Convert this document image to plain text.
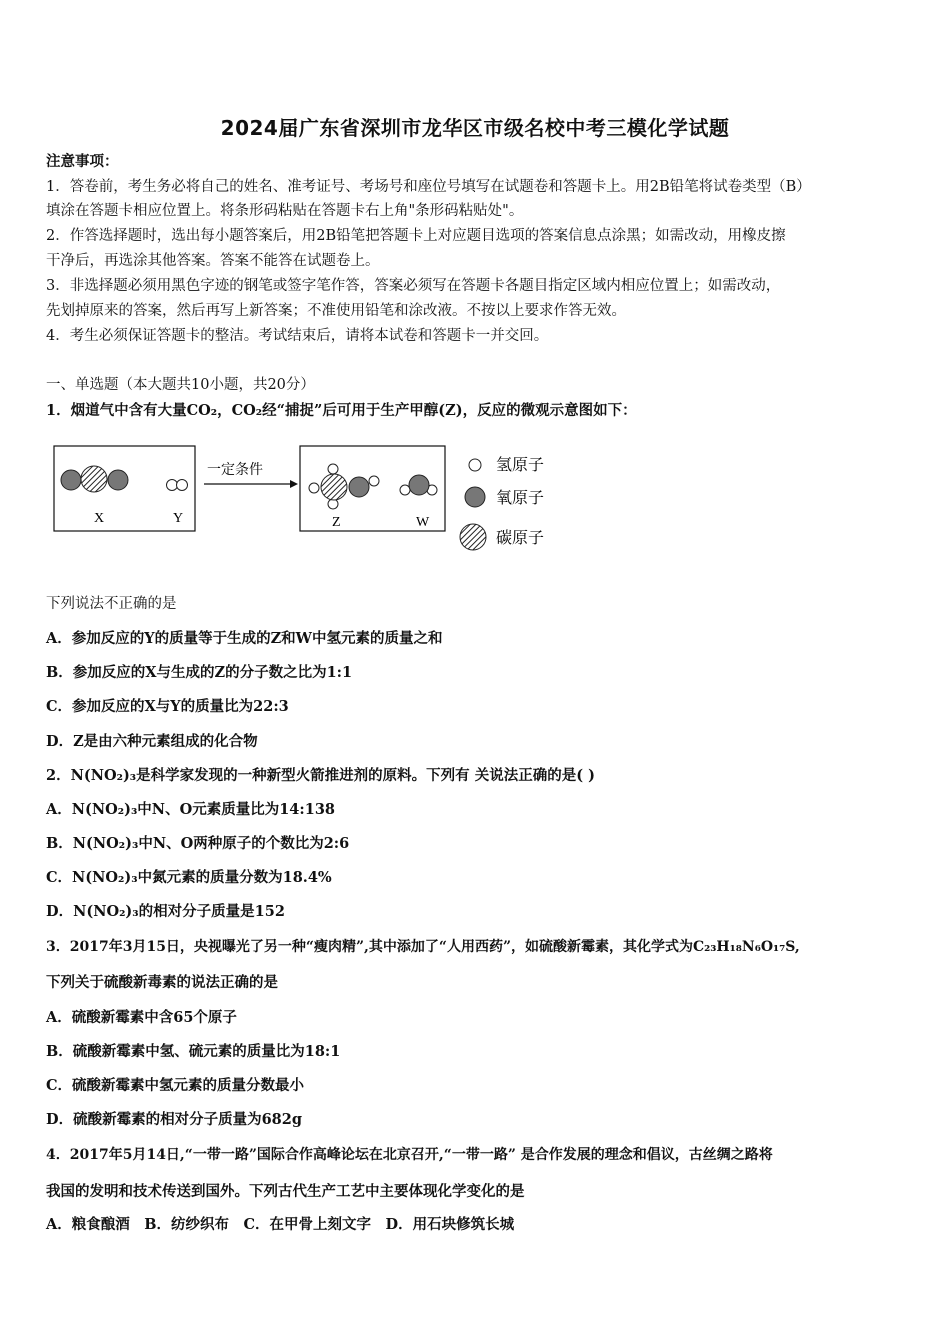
2024届广东省深圳市龙华区市级名校中考三模化学试题
注意事项：
1．答卷前，考生务必将自己的姓名、准考证号、考场号和座位号填写在试题卷和答题卡上。用2B铅笔将试卷类型（B）
填涂在答题卡相应位置上。将条形码粘贴在答题卡右上角"条形码粘贴处"。
2．作答选择题时，选出每小题答案后，用2B铅笔把答题卡上对应题目选项的答案信息点涂黑；如需改动，用橡皮擦
干净后，再选涂其他答案。答案不能答在试题卷上。
3．非选择题必须用黑色字迹的钢笔或签字笔作答，答案必须写在答题卡各题目指定区域内相应位置上；如需改动，
先划掉原来的答案，然后再写上新答案；不准使用铅笔和涂改液。不按以上要求作答无效。
4．考生必须保证答题卡的整洁。考试结束后，请将本试卷和答题卡一并交回。
一、单选题（本大题共10小题，共20分）
1．烟道气中含有大量CO₂，CO₂经“捕捉”后可用于生产甲醇(Z)，反应的微观示意图如下：
X	Y
一定条件
Z	W
氢原子
氧原子
碳原子
下列说法不正确的是
A．参加反应的Y的质量等于生成的Z和W中氢元素的质量之和
B．参加反应的X与生成的Z的分子数之比为1:1
C．参加反应的X与Y的质量比为22:3
D．Z是由六种元素组成的化合物
2．N(NO₂)₃是科学家发现的一种新型火箭推进剂的原料。下列有 关说法正确的是( )
A．N(NO₂)₃中N、O元素质量比为14:138
B．N(NO₂)₃中N、O两种原子的个数比为2:6
C．N(NO₂)₃中氮元素的质量分数为18.4%
D．N(NO₂)₃的相对分子质量是152
3．2017年3月15日，央视曝光了另一种“瘦肉精”,其中添加了“人用西药”，如硫酸新霉素，其化学式为C₂₃H₁₈N₆O₁₇S,
下列关于硫酸新毒素的说法正确的是
A．硫酸新霉素中含65个原子
B．硫酸新霉素中氢、硫元素的质量比为18:1
C．硫酸新霉素中氢元素的质量分数最小
D．硫酸新霉素的相对分子质量为682g
4．2017年5月14日,“一带一路”国际合作高峰论坛在北京召开,“一带一路” 是合作发展的理念和倡议，古丝绸之路将
我国的发明和技术传送到国外。下列古代生产工艺中主要体现化学变化的是
A．粮食酿酒　B．纺纱织布　C．在甲骨上刻文字　D．用石块修筑长城
